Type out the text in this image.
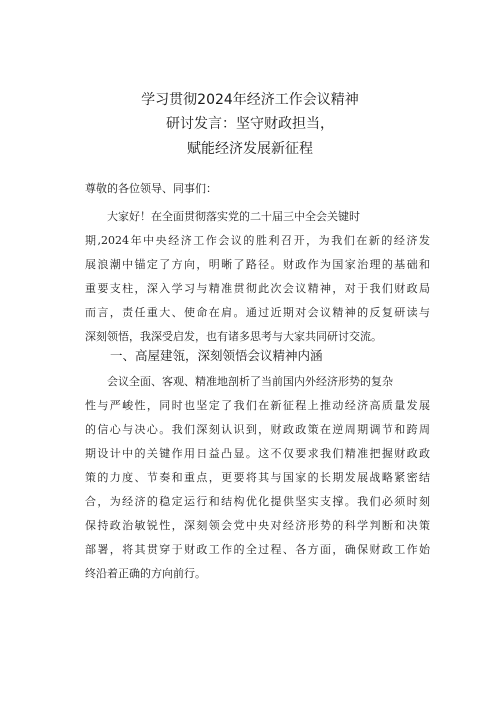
学习贯彻2024年经济工作会议精神
研讨发言：坚守财政担当，
赋能经济发展新征程
尊敬的各位领导、同事们：
大家好！在全面贯彻落实党的二十届三中全会关键时
期,2024年中央经济工作会议的胜利召开，为我们在新的经济发
展浪潮中锚定了方向，明晰了路径。财政作为国家治理的基础和
重要支柱，深入学习与精准贯彻此次会议精神，对于我们财政局
而言，责任重大、使命在肩。通过近期对会议精神的反复研读与
深刻领悟，我深受启发，也有诸多思考与大家共同研讨交流。
一、高屋建瓴，深刻领悟会议精神内涵
会议全面、客观、精准地剖析了当前国内外经济形势的复杂
性与严峻性，同时也坚定了我们在新征程上推动经济高质量发展
的信心与决心。我们深刻认识到，财政政策在逆周期调节和跨周
期设计中的关键作用日益凸显。这不仅要求我们精准把握财政政
策的力度、节奏和重点，更要将其与国家的长期发展战略紧密结
合，为经济的稳定运行和结构优化提供坚实支撑。我们必须时刻
保持政治敏锐性，深刻领会党中央对经济形势的科学判断和决策
部署，将其贯穿于财政工作的全过程、各方面，确保财政工作始
终沿着正确的方向前行。
